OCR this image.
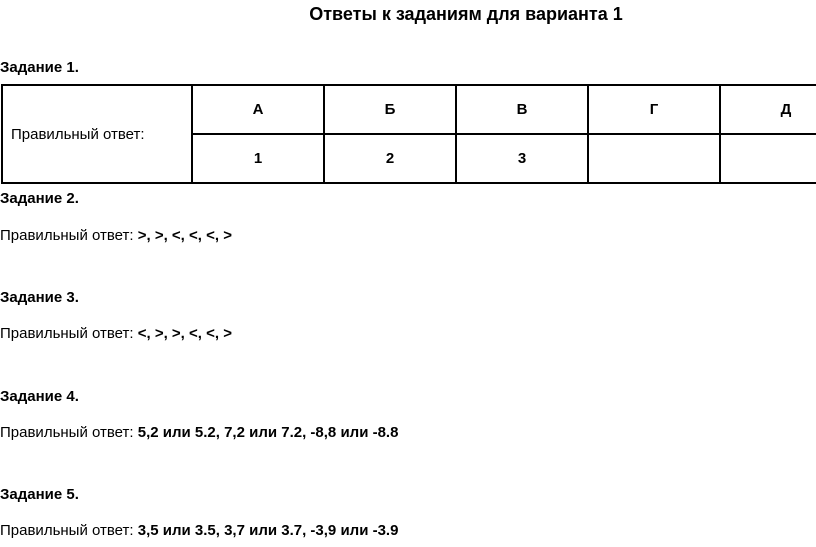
Ответы к заданиям для варианта 1
Задание 1.
Правильный ответ:	А	Б	В	Г	Д
	1	2	3		
Задание 2.
Правильный ответ: >, >, <, <, <, >
Задание 3.
Правильный ответ: <, >, >, <, <, >
Задание 4.
Правильный ответ: 5,2 или 5.2, 7,2 или 7.2, -8,8 или -8.8
Задание 5.
Правильный ответ: 3,5 или 3.5, 3,7 или 3.7, -3,9 или -3.9
